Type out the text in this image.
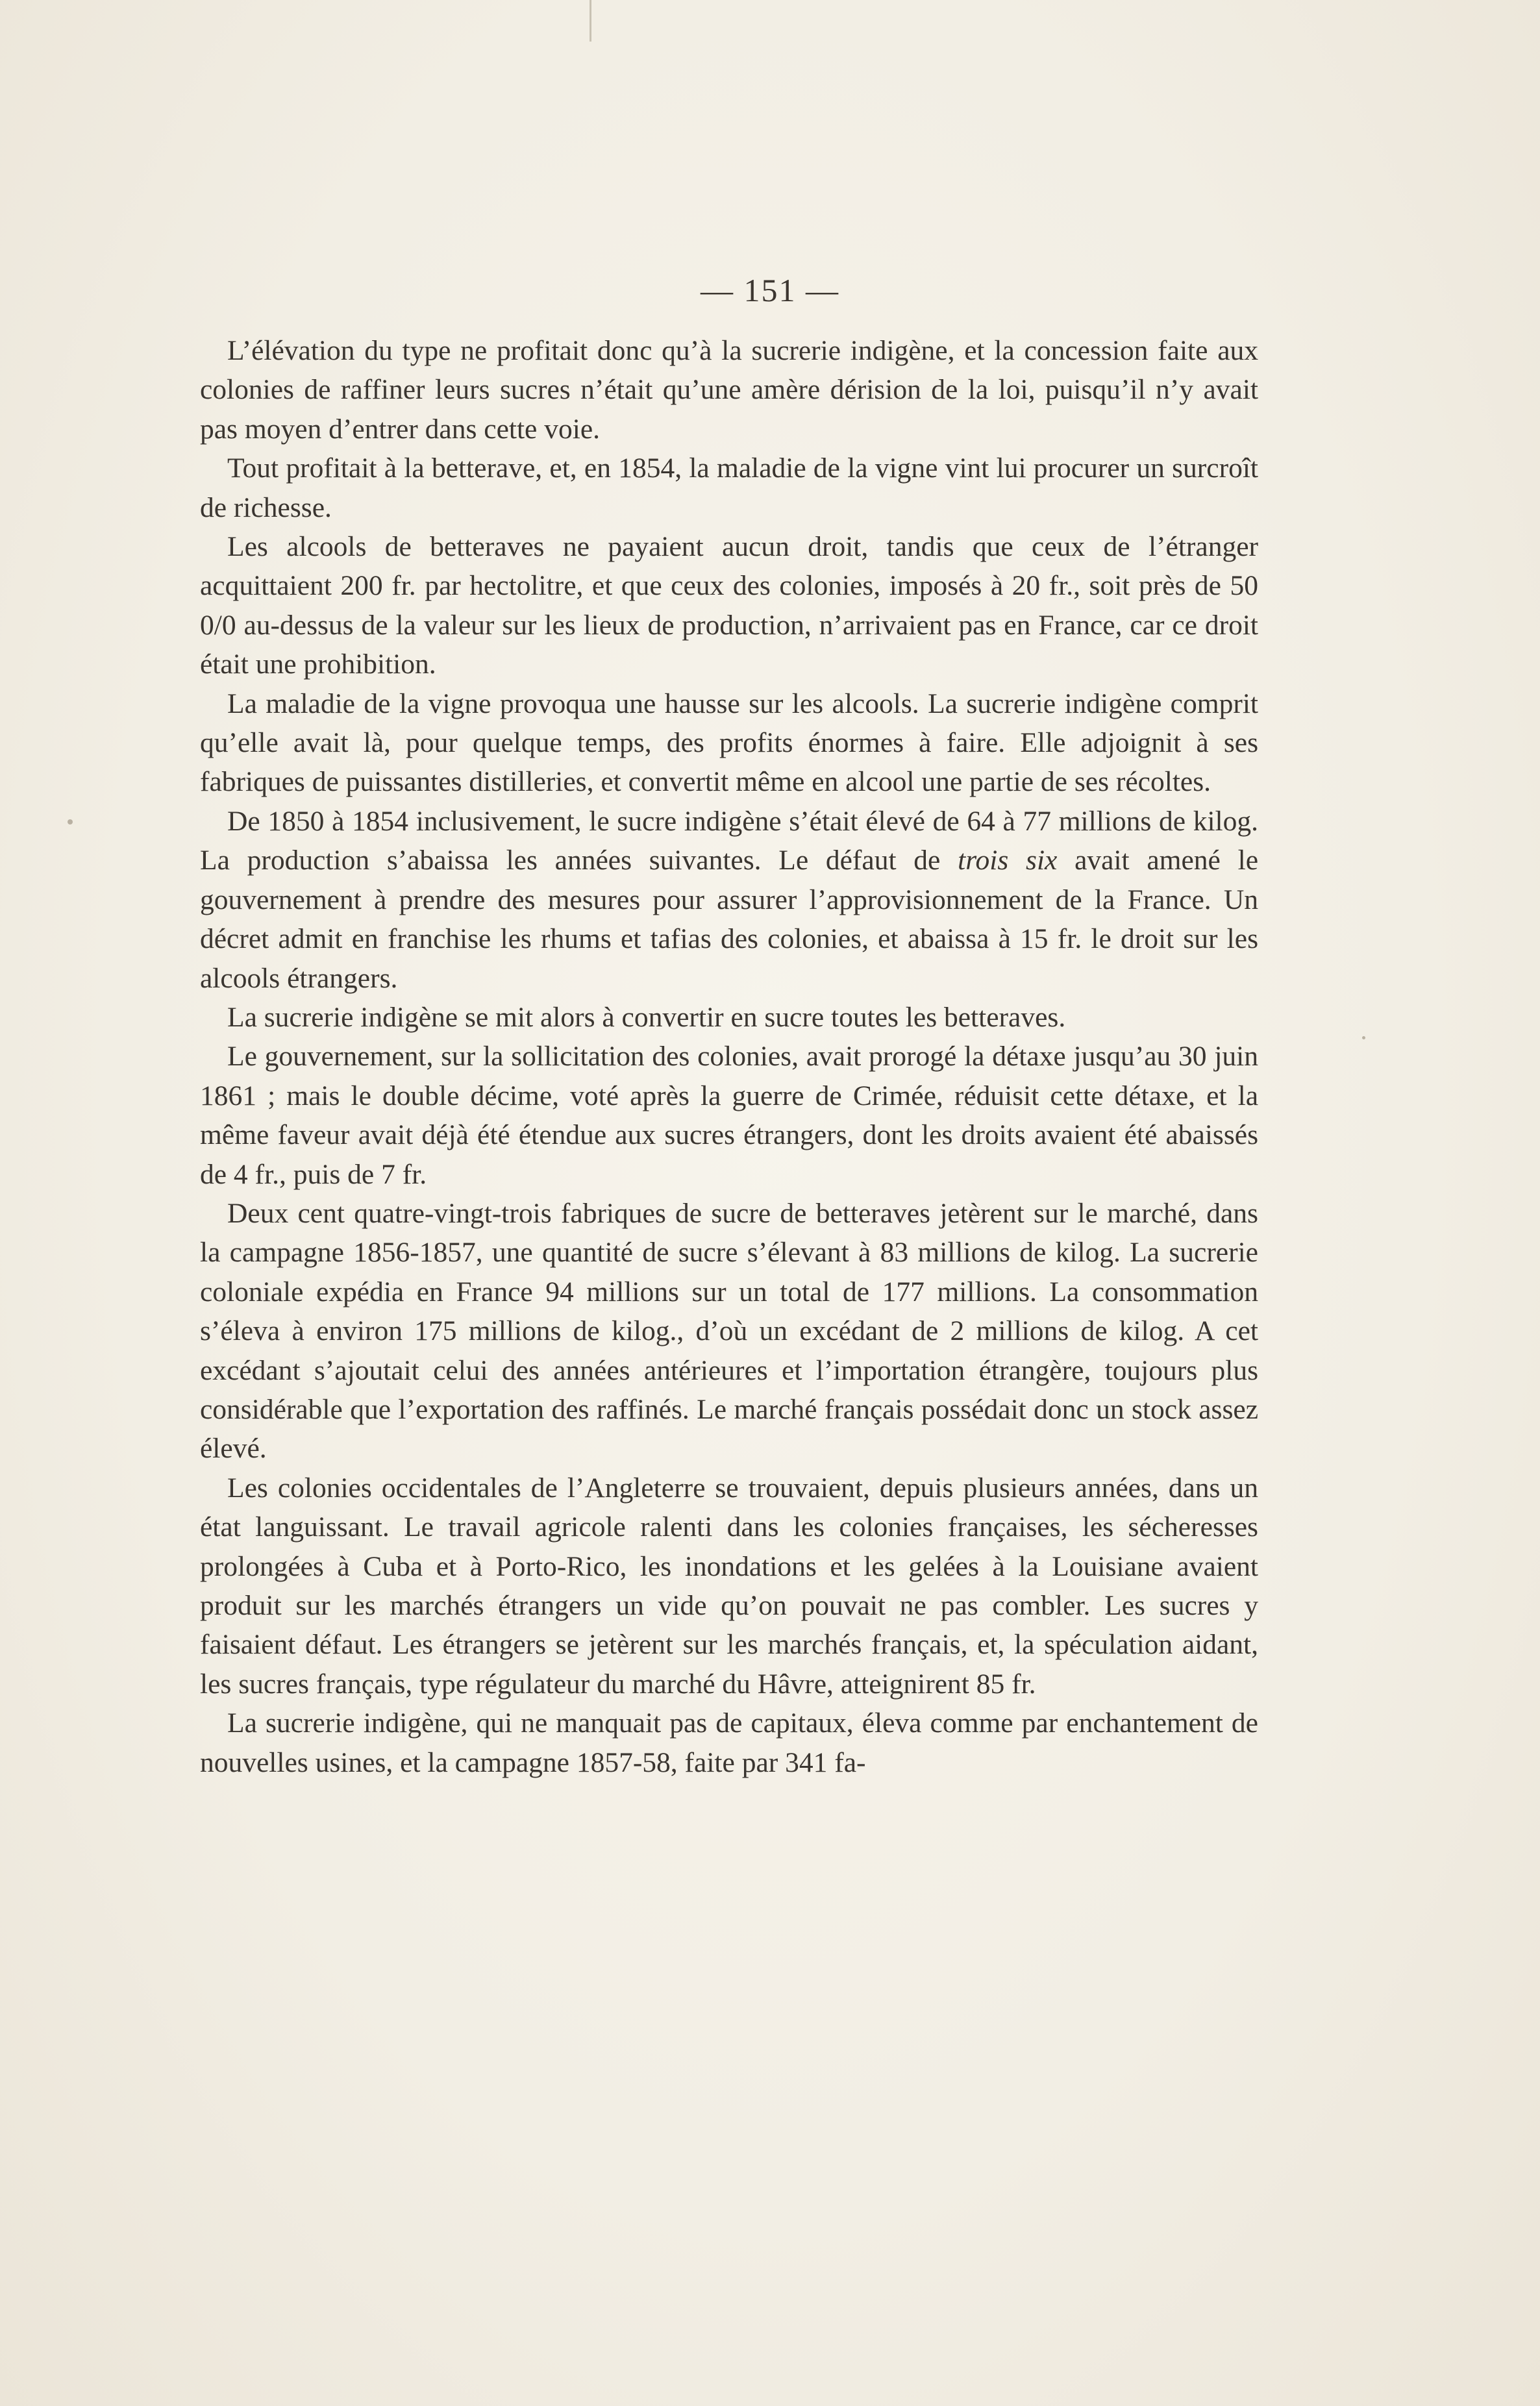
— 151 —

L’élévation du type ne profitait donc qu’à la sucrerie indigène, et la concession faite aux colonies de raffiner leurs sucres n’était qu’une amère dérision de la loi, puisqu’il n’y avait pas moyen d’entrer dans cette voie.

Tout profitait à la betterave, et, en 1854, la maladie de la vigne vint lui procurer un surcroît de richesse.

Les alcools de betteraves ne payaient aucun droit, tandis que ceux de l’étranger acquittaient 200 fr. par hectolitre, et que ceux des colonies, imposés à 20 fr., soit près de 50 0/0 au-dessus de la valeur sur les lieux de production, n’arrivaient pas en France, car ce droit était une prohibition.

La maladie de la vigne provoqua une hausse sur les alcools. La sucrerie indigène comprit qu’elle avait là, pour quelque temps, des profits énormes à faire. Elle adjoignit à ses fabriques de puissantes distilleries, et convertit même en alcool une partie de ses récoltes.

De 1850 à 1854 inclusivement, le sucre indigène s’était élevé de 64 à 77 millions de kilog. La production s’abaissa les années suivantes. Le défaut de trois six avait amené le gouvernement à prendre des mesures pour assurer l’approvisionnement de la France. Un décret admit en franchise les rhums et tafias des colonies, et abaissa à 15 fr. le droit sur les alcools étrangers.

La sucrerie indigène se mit alors à convertir en sucre toutes les betteraves.

Le gouvernement, sur la sollicitation des colonies, avait prorogé la détaxe jusqu’au 30 juin 1861 ; mais le double décime, voté après la guerre de Crimée, réduisit cette détaxe, et la même faveur avait déjà été étendue aux sucres étrangers, dont les droits avaient été abaissés de 4 fr., puis de 7 fr.

Deux cent quatre-vingt-trois fabriques de sucre de betteraves jetèrent sur le marché, dans la campagne 1856-1857, une quantité de sucre s’élevant à 83 millions de kilog. La sucrerie coloniale expédia en France 94 millions sur un total de 177 millions. La consommation s’éleva à environ 175 millions de kilog., d’où un excédant de 2 millions de kilog. A cet excédant s’ajoutait celui des années antérieures et l’importation étrangère, toujours plus considérable que l’exportation des raffinés. Le marché français possédait donc un stock assez élevé.

Les colonies occidentales de l’Angleterre se trouvaient, depuis plusieurs années, dans un état languissant. Le travail agricole ralenti dans les colonies françaises, les sécheresses prolongées à Cuba et à Porto-Rico, les inondations et les gelées à la Louisiane avaient produit sur les marchés étrangers un vide qu’on pouvait ne pas combler. Les sucres y faisaient défaut. Les étrangers se jetèrent sur les marchés français, et, la spéculation aidant, les sucres français, type régulateur du marché du Hâvre, atteignirent 85 fr.

La sucrerie indigène, qui ne manquait pas de capitaux, éleva comme par enchantement de nouvelles usines, et la campagne 1857-58, faite par 341 fa-
